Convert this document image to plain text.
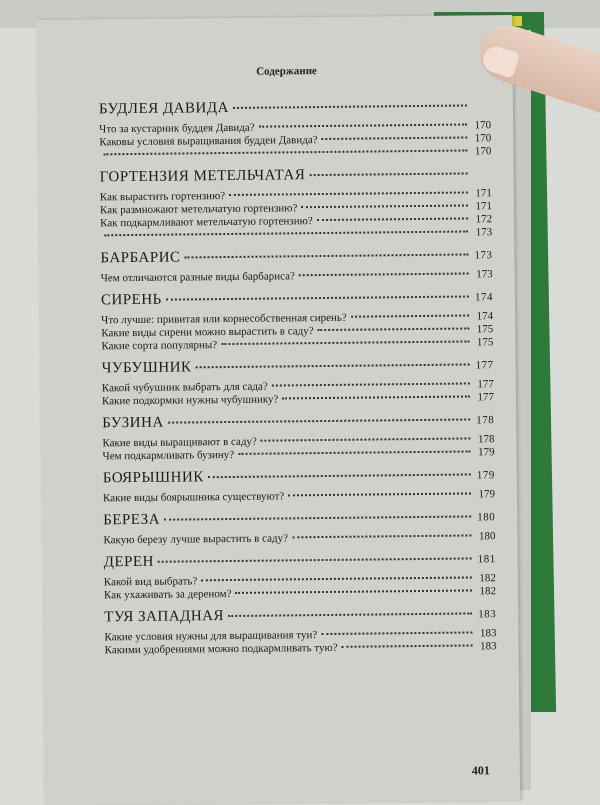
Содержание
БУДЛЕЯ ДАВИДА
Что за кустарник буддея Давида?	170
Каковы условия выращивания буддеи Давида?	170
170
ГОРТЕНЗИЯ МЕТЕЛЬЧАТАЯ
Как вырастить гортензию?	171
Как размножают метельчатую гортензию?	171
Как подкармливают метельчатую гортензию?	172
173
БАРБАРИС	173
Чем отличаются разные виды барбариса?	173
СИРЕНЬ	174
Что лучше: привитая или корнесобственная сирень?	174
Какие виды сирени можно вырастить в саду?	175
Какие сорта популярны?	175
ЧУБУШНИК	177
Какой чубушник выбрать для сада?	177
Какие подкормки нужны чубушнику?	177
БУЗИНА	178
Какие виды выращивают в саду?	178
Чем подкармливать бузину?	179
БОЯРЫШНИК	179
Какие виды боярышника существуют?	179
БЕРЕЗА	180
Какую березу лучше вырастить в саду?	180
ДЕРЕН	181
Какой вид выбрать?	182
Как ухаживать за дереном?	182
ТУЯ ЗАПАДНАЯ	183
Какие условия нужны для выращивания туи?	183
Какими удобрениями можно подкармливать тую?	183
401
